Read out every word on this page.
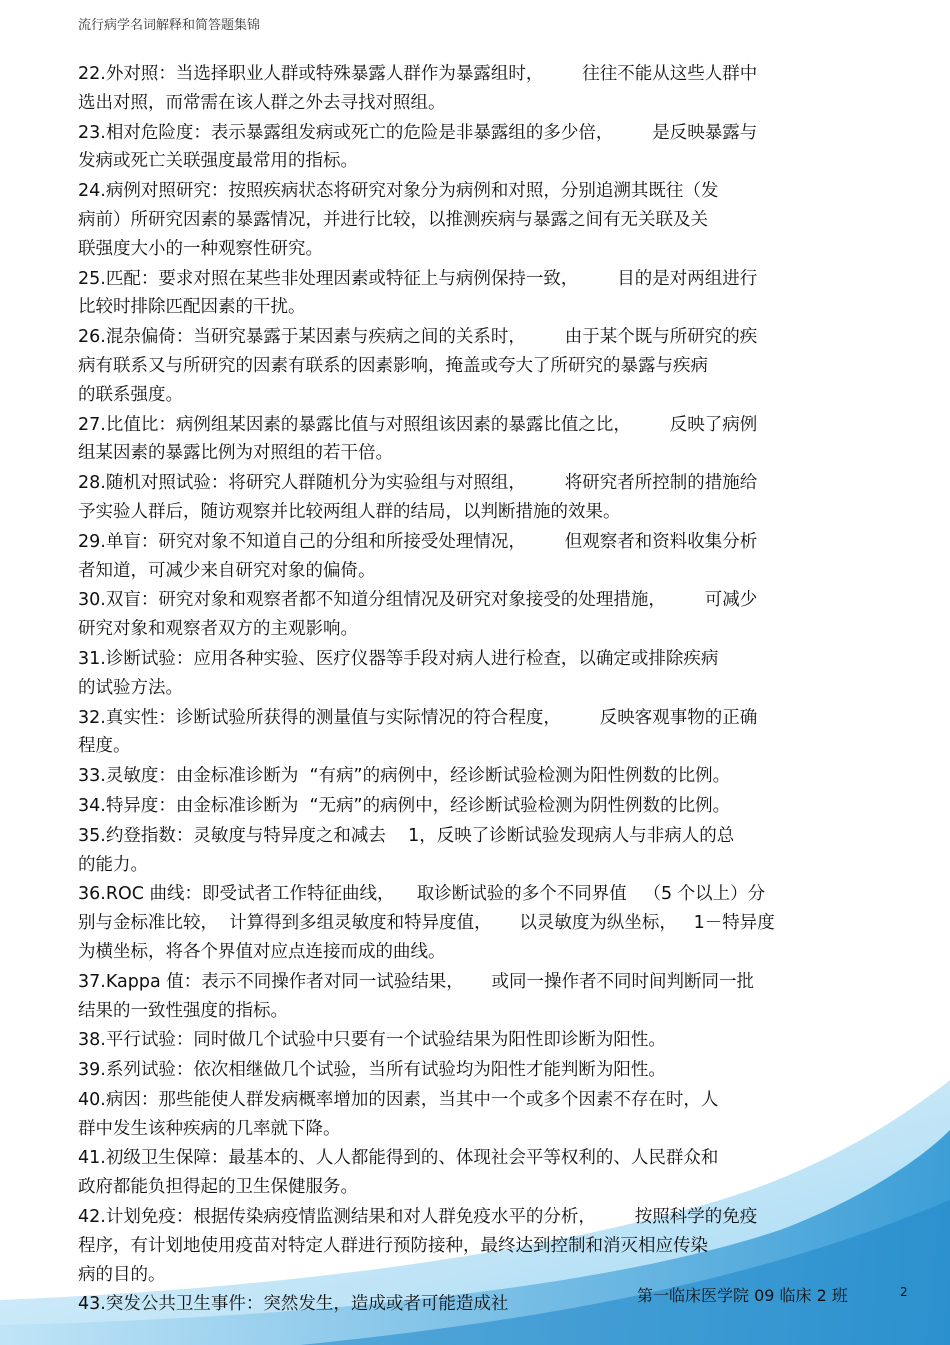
流行病学名词解释和简答题集锦
22.外对照：当选择职业人群或特殊暴露人群作为暴露组时，       往往不能从这些人群中
选出对照，而常需在该人群之外去寻找对照组。
23.相对危险度：表示暴露组发病或死亡的危险是非暴露组的多少倍，       是反映暴露与
发病或死亡关联强度最常用的指标。
24.病例对照研究：按照疾病状态将研究对象分为病例和对照，分别追溯其既往（发
病前）所研究因素的暴露情况，并进行比较，以推测疾病与暴露之间有无关联及关
联强度大小的一种观察性研究。
25.匹配：要求对照在某些非处理因素或特征上与病例保持一致，       目的是对两组进行
比较时排除匹配因素的干扰。
26.混杂偏倚：当研究暴露于某因素与疾病之间的关系时，       由于某个既与所研究的疾
病有联系又与所研究的因素有联系的因素影响，掩盖或夸大了所研究的暴露与疾病
的联系强度。
27.比值比：病例组某因素的暴露比值与对照组该因素的暴露比值之比，       反映了病例
组某因素的暴露比例为对照组的若干倍。
28.随机对照试验：将研究人群随机分为实验组与对照组，       将研究者所控制的措施给
予实验人群后，随访观察并比较两组人群的结局，以判断措施的效果。
29.单盲：研究对象不知道自己的分组和所接受处理情况，       但观察者和资料收集分析
者知道，可减少来自研究对象的偏倚。
30.双盲：研究对象和观察者都不知道分组情况及研究对象接受的处理措施，       可减少
研究对象和观察者双方的主观影响。
31.诊断试验：应用各种实验、医疗仪器等手段对病人进行检查，以确定或排除疾病
的试验方法。
32.真实性：诊断试验所获得的测量值与实际情况的符合程度，       反映客观事物的正确
程度。
33.灵敏度：由金标准诊断为  “有病”的病例中，经诊断试验检测为阳性例数的比例。
34.特异度：由金标准诊断为  “无病”的病例中，经诊断试验检测为阴性例数的比例。
35.约登指数：灵敏度与特异度之和减去    1，反映了诊断试验发现病人与非病人的总
的能力。
36.ROC 曲线：即受试者工作特征曲线，    取诊断试验的多个不同界值   （5 个以上）分
别与金标准比较，  计算得到多组灵敏度和特异度值，     以灵敏度为纵坐标，   1－特异度
为横坐标，将各个界值对应点连接而成的曲线。
37.Kappa 值：表示不同操作者对同一试验结果，     或同一操作者不同时间判断同一批
结果的一致性强度的指标。
38.平行试验：同时做几个试验中只要有一个试验结果为阳性即诊断为阳性。
39.系列试验：依次相继做几个试验，当所有试验均为阳性才能判断为阳性。
40.病因：那些能使人群发病概率增加的因素，当其中一个或多个因素不存在时，人
群中发生该种疾病的几率就下降。
41.初级卫生保障：最基本的、人人都能得到的、体现社会平等权利的、人民群众和
政府都能负担得起的卫生保健服务。
42.计划免疫：根据传染病疫情监测结果和对人群免疫水平的分析，       按照科学的免疫
程序，有计划地使用疫苗对特定人群进行预防接种，最终达到控制和消灭相应传染
病的目的。
43.突发公共卫生事件：突然发生，造成或者可能造成社	第一临床医学院 09 临床 2 班	2
